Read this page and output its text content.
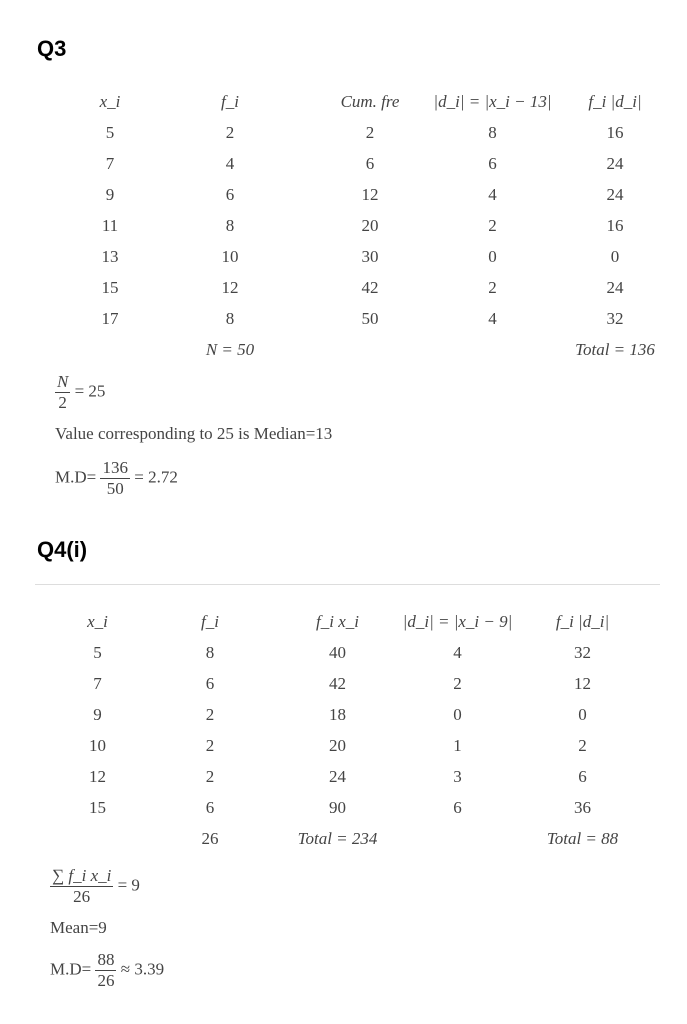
Q3
x_i	f_i	Cum. fre	|d_i| = |x_i − 13|	f_i |d_i|
5	2	2	8	16
7	4	6	6	24
9	6	12	4	24
11	8	20	2	16
13	10	30	0	0
15	12	42	2	24
17	8	50	4	32
	N = 50			Total = 136
$\frac{N}{2} = 25$
Value corresponding to 25 is Median=13
$M.D= \frac{136}{50} = 2.72$
Q4(i)
x_i	f_i	f_i x_i	|d_i| = |x_i − 9|	f_i |d_i|
5	8	40	4	32
7	6	42	2	12
9	2	18	0	0
10	2	20	1	2
12	2	24	3	6
15	6	90	6	36
	26	Total = 234		Total = 88
$\frac{\text{∑ f\_i x\_i}}{26} = 9$
Mean=9
$M.D= \frac{88}{26} \approx 3.39$
